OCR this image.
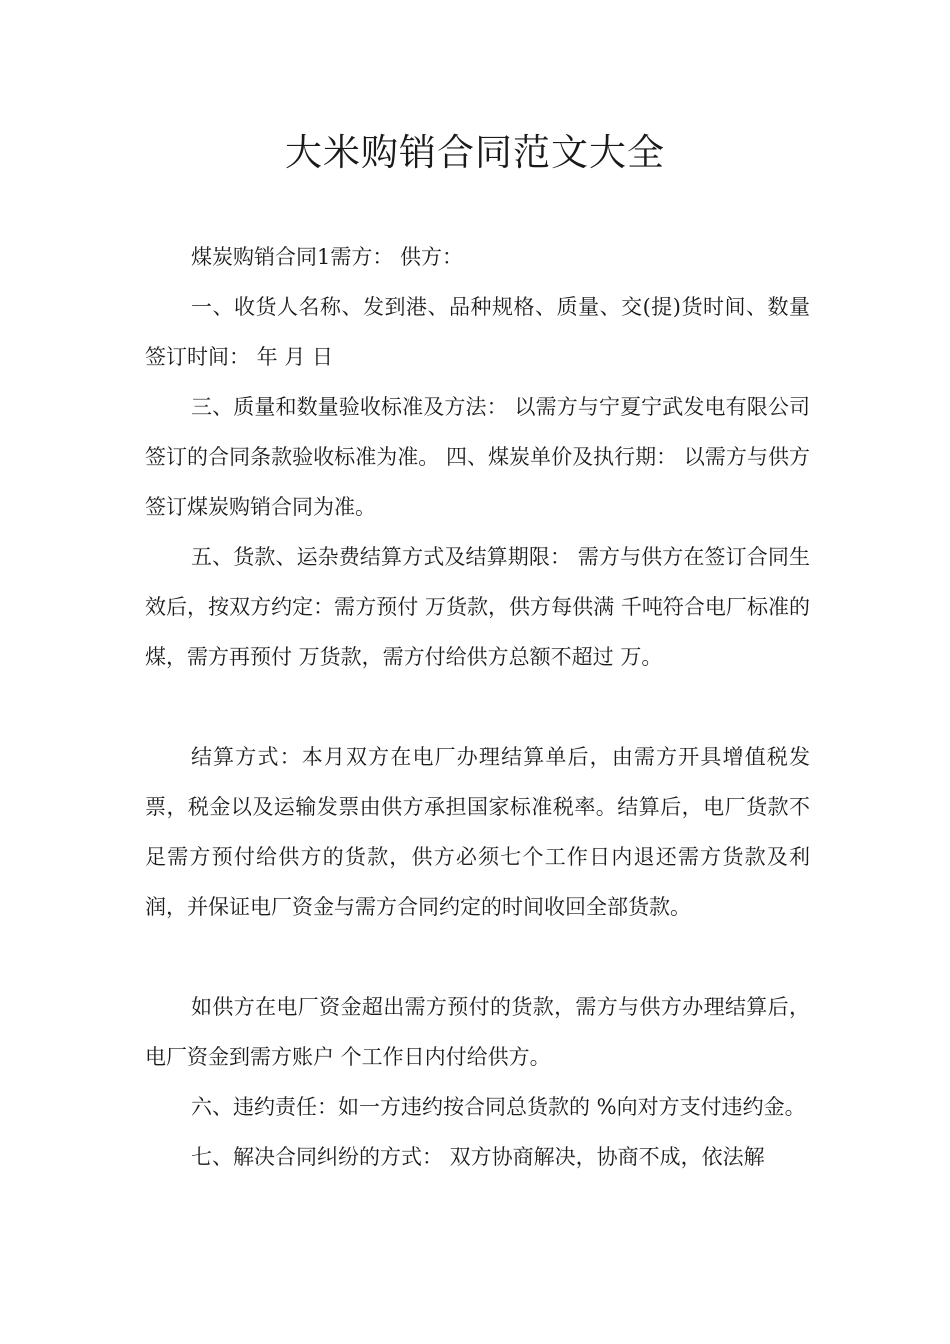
大米购销合同范文大全

煤炭购销合同1需方： 供方：

一、收货人名称、发到港、品种规格、质量、交(提)货时间、数量 签订时间： 年 月 日

三、质量和数量验收标准及方法： 以需方与宁夏宁武发电有限公司签订的合同条款验收标准为准。 四、煤炭单价及执行期： 以需方与供方签订煤炭购销合同为准。

五、货款、运杂费结算方式及结算期限： 需方与供方在签订合同生效后，按双方约定：需方预付 万货款，供方每供满 千吨符合电厂标准的煤，需方再预付 万货款，需方付给供方总额不超过 万。

结算方式：本月双方在电厂办理结算单后，由需方开具增值税发票，税金以及运输发票由供方承担国家标准税率。结算后，电厂货款不足需方预付给供方的货款，供方必须七个工作日内退还需方货款及利润，并保证电厂资金与需方合同约定的时间收回全部货款。

如供方在电厂资金超出需方预付的货款，需方与供方办理结算后，电厂资金到需方账户 个工作日内付给供方。

六、违约责任：如一方违约按合同总货款的 %向对方支付违约金。

七、解决合同纠纷的方式： 双方协商解决，协商不成，依法解
